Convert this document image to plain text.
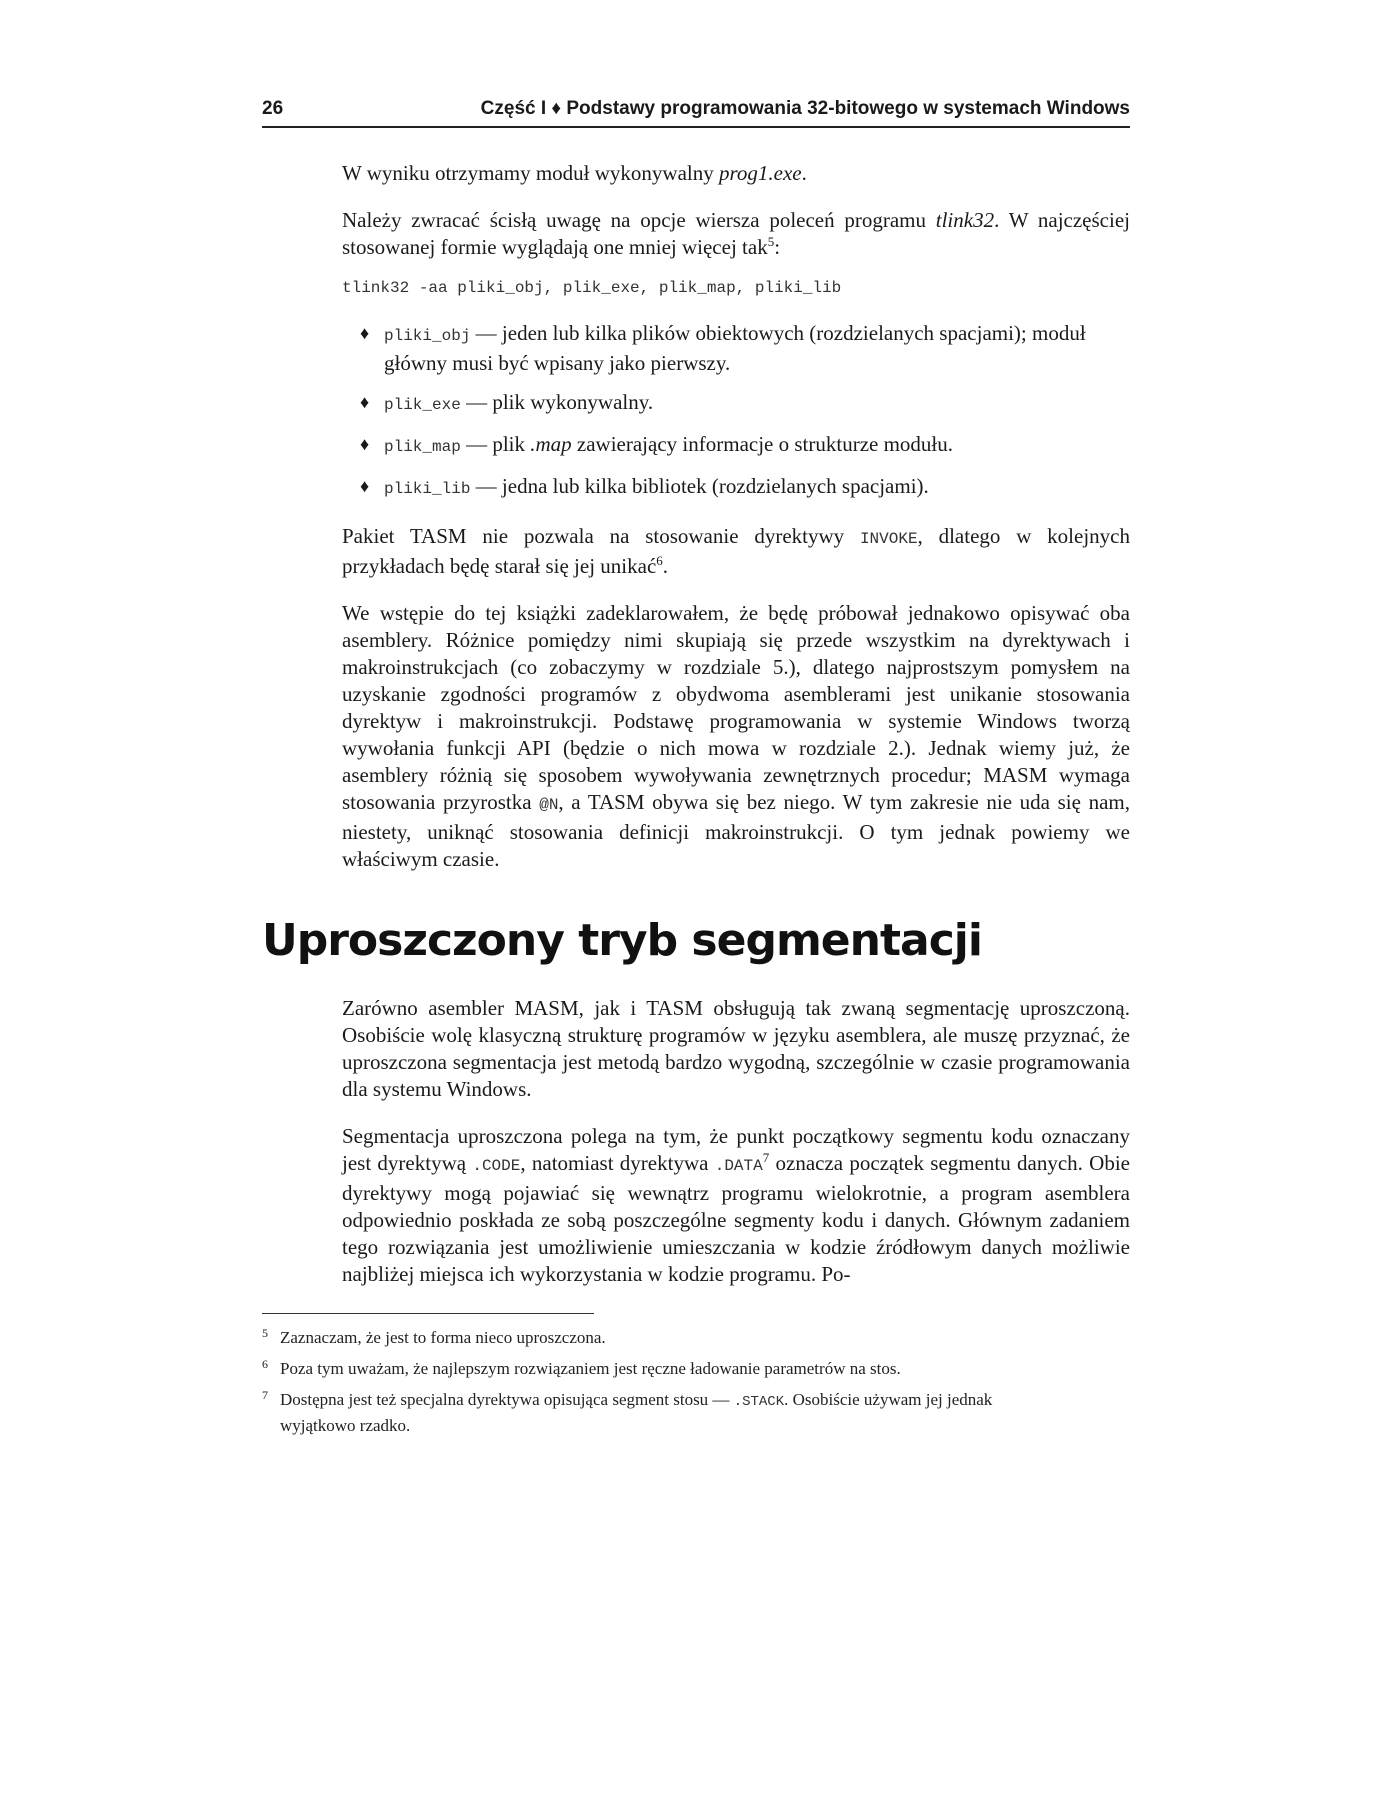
26	Część I ♦ Podstawy programowania 32-bitowego w systemach Windows

W wyniku otrzymamy moduł wykonywalny prog1.exe.

Należy zwracać ścisłą uwagę na opcje wiersza poleceń programu tlink32. W najczęściej stosowanej formie wyglądają one mniej więcej tak$^5$:

tlink32 -aa pliki_obj, plik_exe, plik_map, pliki_lib
♦ pliki_obj — jeden lub kilka plików obiektowych (rozdzielanych spacjami); moduł główny musi być wpisany jako pierwszy.
♦ plik_exe — plik wykonywalny.
♦ plik_map — plik .map zawierający informacje o strukturze modułu.
♦ pliki_lib — jedna lub kilka bibliotek (rozdzielanych spacjami).

Pakiet TASM nie pozwala na stosowanie dyrektywy INVOKE, dlatego w kolejnych przykładach będę starał się jej unikać$^6$.

We wstępie do tej książki zadeklarowałem, że będę próbował jednakowo opisywać oba asemblery. Różnice pomiędzy nimi skupiają się przede wszystkim na dyrektywach i makroinstrukcjach (co zobaczymy w rozdziale 5.), dlatego najprostszym pomysłem na uzyskanie zgodności programów z obydwoma asemblerami jest unikanie stosowania dyrektyw i makroinstrukcji. Podstawę programowania w systemie Windows tworzą wywołania funkcji API (będzie o nich mowa w rozdziale 2.). Jednak wiemy już, że asemblery różnią się sposobem wywoływania zewnętrznych procedur; MASM wymaga stosowania przyrostka @N, a TASM obywa się bez niego. W tym zakresie nie uda się nam, niestety, uniknąć stosowania definicji makroinstrukcji. O tym jednak powiemy we właściwym czasie.

Uproszczony tryb segmentacji

Zarówno asembler MASM, jak i TASM obsługują tak zwaną segmentację uproszczoną. Osobiście wolę klasyczną strukturę programów w języku asemblera, ale muszę przyznać, że uproszczona segmentacja jest metodą bardzo wygodną, szczególnie w czasie programowania dla systemu Windows.

Segmentacja uproszczona polega na tym, że punkt początkowy segmentu kodu oznaczany jest dyrektywą .CODE, natomiast dyrektywa .DATA$^7$ oznacza początek segmentu danych. Obie dyrektywy mogą pojawiać się wewnątrz programu wielokrotnie, a program asemblera odpowiednio poskłada ze sobą poszczególne segmenty kodu i danych. Głównym zadaniem tego rozwiązania jest umożliwienie umieszczania w kodzie źródłowym danych możliwie najbliżej miejsca ich wykorzystania w kodzie programu. Po-

5 Zaznaczam, że jest to forma nieco uproszczona.
6 Poza tym uważam, że najlepszym rozwiązaniem jest ręczne ładowanie parametrów na stos.
7 Dostępna jest też specjalna dyrektywa opisująca segment stosu — .STACK. Osobiście używam jej jednak wyjątkowo rzadko.
